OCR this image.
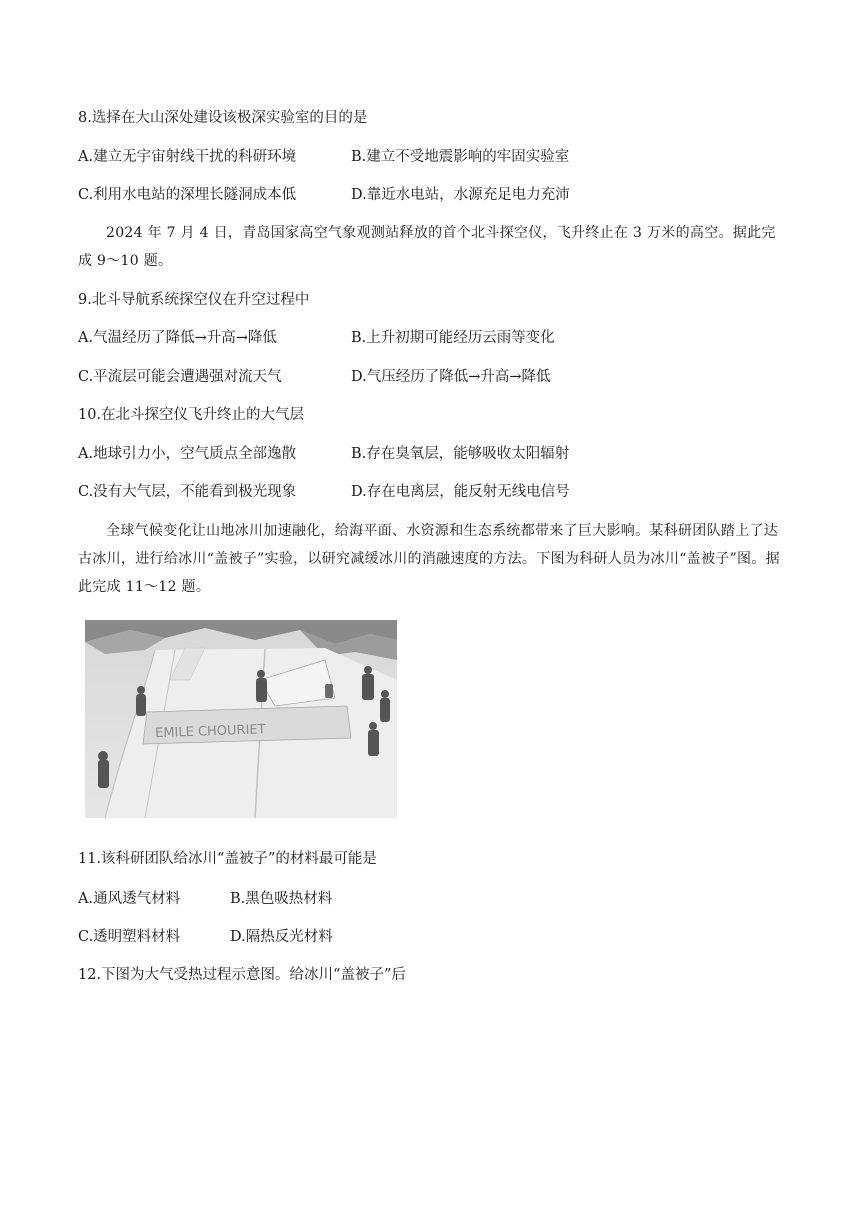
8.选择在大山深处建设该极深实验室的目的是
A.建立无宇宙射线干扰的科研环境	B.建立不受地震影响的牢固实验室
C.利用水电站的深埋长隧洞成本低	D.靠近水电站，水源充足电力充沛
2024 年 7 月 4 日，青岛国家高空气象观测站释放的首个北斗探空仪，飞升终止在 3 万米的高空。据此完成 9～10 题。
9.北斗导航系统探空仪在升空过程中
A.气温经历了降低→升高→降低	B.上升初期可能经历云雨等变化
C.平流层可能会遭遇强对流天气	D.气压经历了降低→升高→降低
10.在北斗探空仪飞升终止的大气层
A.地球引力小，空气质点全部逸散	B.存在臭氧层，能够吸收太阳辐射
C.没有大气层，不能看到极光现象	D.存在电离层，能反射无线电信号
全球气候变化让山地冰川加速融化，给海平面、水资源和生态系统都带来了巨大影响。某科研团队踏上了达古冰川，进行给冰川“盖被子”实验，以研究减缓冰川的消融速度的方法。下图为科研人员为冰川“盖被子”图。据此完成 11～12 题。
EMILE CHOURIET
11.该科研团队给冰川“盖被子”的材料最可能是
A.通风透气材料	B.黑色吸热材料
C.透明塑料材料	D.隔热反光材料
12.下图为大气受热过程示意图。给冰川“盖被子”后
